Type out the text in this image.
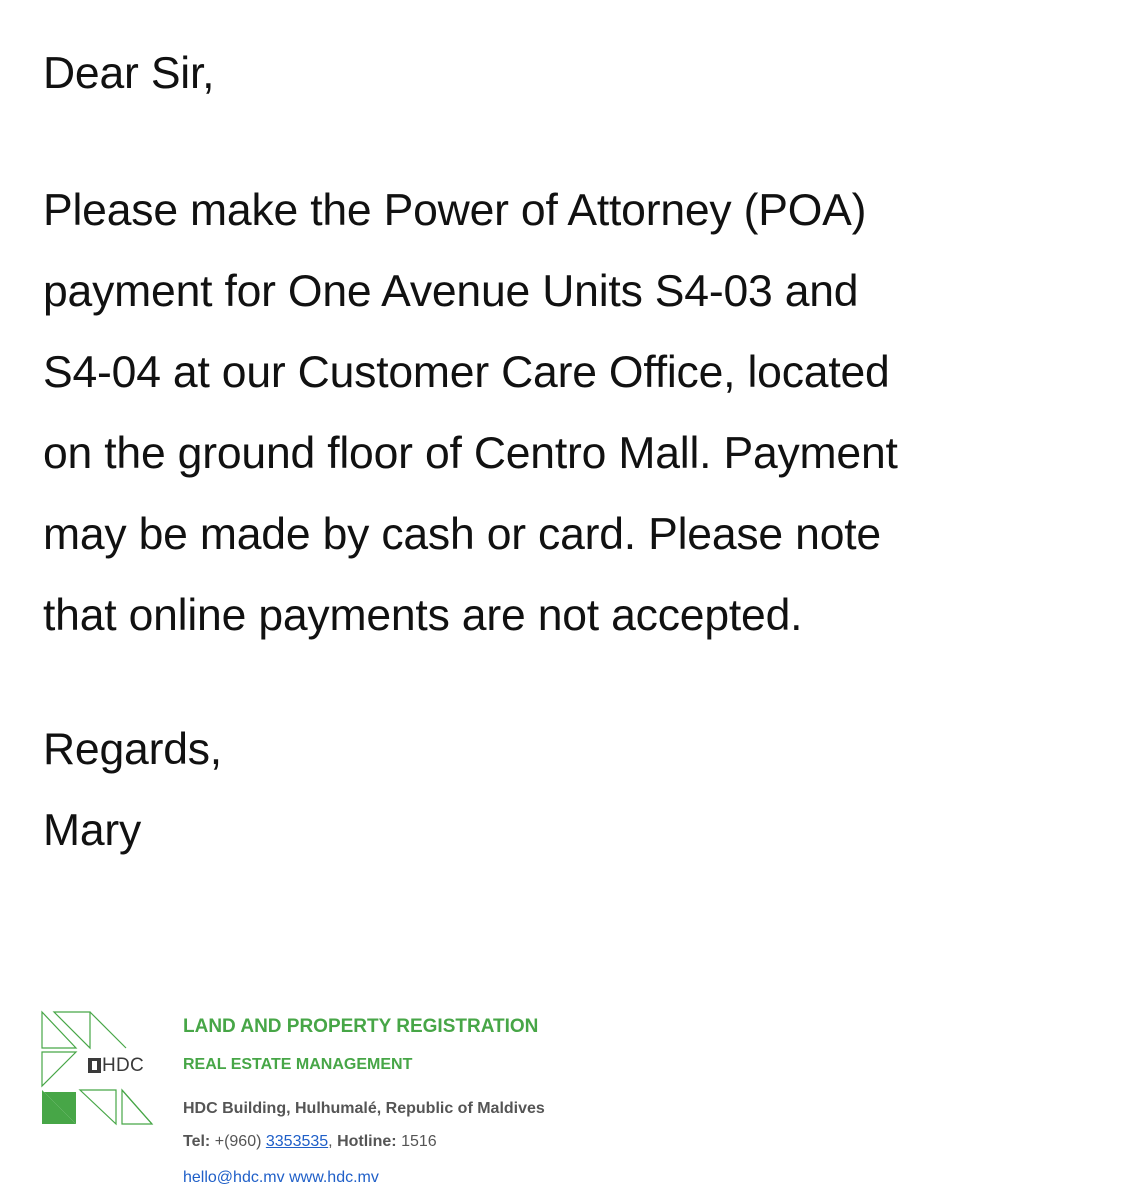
Dear Sir,

Please make the Power of Attorney (POA)
payment for One Avenue Units S4-03 and
S4-04 at our Customer Care Office, located
on the ground floor of Centro Mall. Payment
may be made by cash or card. Please note
that online payments are not accepted.

Regards,

Mary

HDC
LAND AND PROPERTY REGISTRATION
REAL ESTATE MANAGEMENT
HDC Building, Hulhumalé, Republic of Maldives
Tel: +(960) 3353535, Hotline: 1516
hello@hdc.mv www.hdc.mv
